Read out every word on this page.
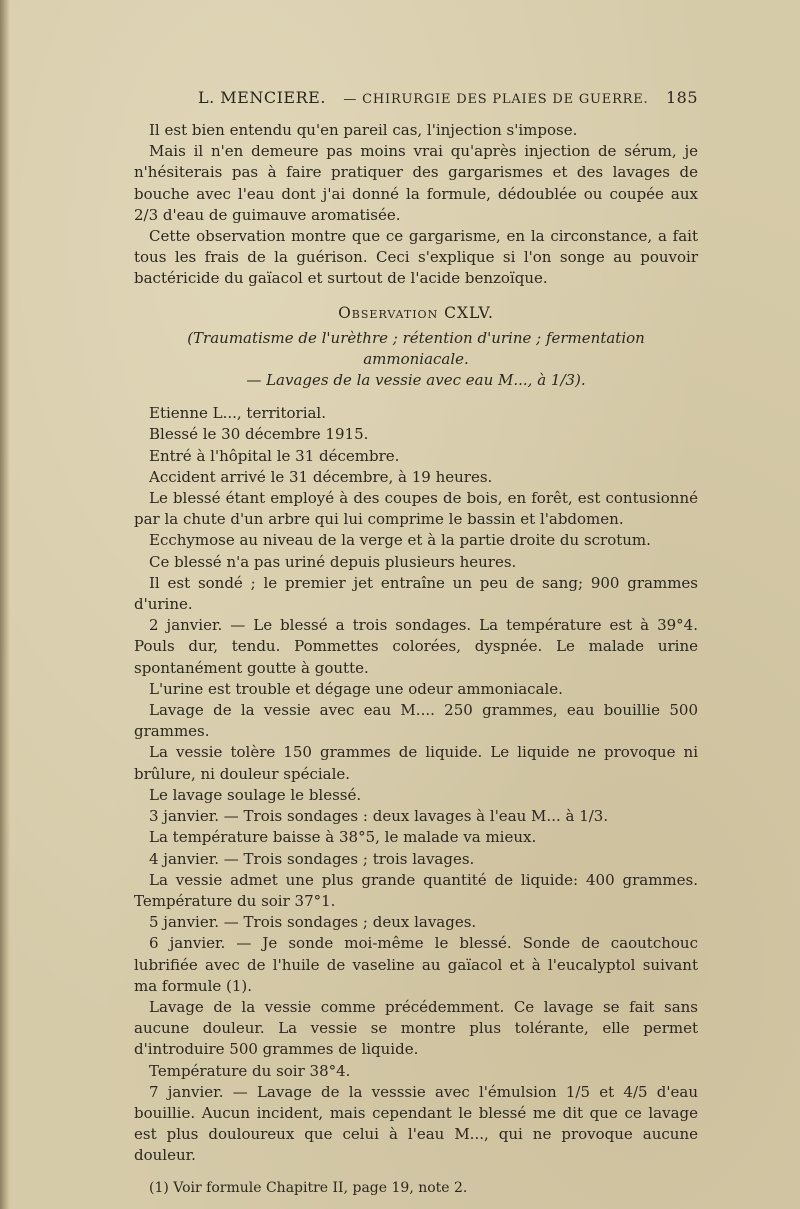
L. MENCIERE. — CHIRURGIE DES PLAIES DE GUERRE. 185

Il est bien entendu qu'en pareil cas, l'injection s'impose.

Mais il n'en demeure pas moins vrai qu'après injection de sérum, je n'hésiterais pas à faire pratiquer des gargarismes et des lavages de bouche avec l'eau dont j'ai donné la formule, dédoublée ou coupée aux 2/3 d'eau de guimauve aromatisée.

Cette observation montre que ce gargarisme, en la circonstance, a fait tous les frais de la guérison. Ceci s'explique si l'on songe au pouvoir bactéricide du gaïacol et surtout de l'acide benzoïque.

Observation CXLV.
(Traumatisme de l'urèthre ; rétention d'urine ; fermentation ammoniacale.
— Lavages de la vessie avec eau M..., à 1/3).

Etienne L..., territorial.

Blessé le 30 décembre 1915.

Entré à l'hôpital le 31 décembre.

Accident arrivé le 31 décembre, à 19 heures.

Le blessé étant employé à des coupes de bois, en forêt, est contusionné par la chute d'un arbre qui lui comprime le bassin et l'abdomen.

Ecchymose au niveau de la verge et à la partie droite du scrotum.

Ce blessé n'a pas uriné depuis plusieurs heures.

Il est sondé ; le premier jet entraîne un peu de sang; 900 grammes d'urine.

2 janvier. — Le blessé a trois sondages. La température est à 39°4. Pouls dur, tendu. Pommettes colorées, dyspnée. Le malade urine spontanément goutte à goutte.

L'urine est trouble et dégage une odeur ammoniacale.

Lavage de la vessie avec eau M.... 250 grammes, eau bouillie 500 grammes.

La vessie tolère 150 grammes de liquide. Le liquide ne provoque ni brûlure, ni douleur spéciale.

Le lavage soulage le blessé.

3 janvier. — Trois sondages : deux lavages à l'eau M... à 1/3.

La température baisse à 38°5, le malade va mieux.

4 janvier. — Trois sondages ; trois lavages.

La vessie admet une plus grande quantité de liquide: 400 grammes. Température du soir 37°1.

5 janvier. — Trois sondages ; deux lavages.

6 janvier. — Je sonde moi-même le blessé. Sonde de caoutchouc lubrifiée avec de l'huile de vaseline au gaïacol et à l'eucalyptol suivant ma formule (1).

Lavage de la vessie comme précédemment. Ce lavage se fait sans aucune douleur. La vessie se montre plus tolérante, elle permet d'introduire 500 grammes de liquide.

Température du soir 38°4.

7 janvier. — Lavage de la vesssie avec l'émulsion 1/5 et 4/5 d'eau bouillie. Aucun incident, mais cependant le blessé me dit que ce lavage est plus douloureux que celui à l'eau M..., qui ne provoque aucune douleur.

(1) Voir formule Chapitre II, page 19, note 2.
